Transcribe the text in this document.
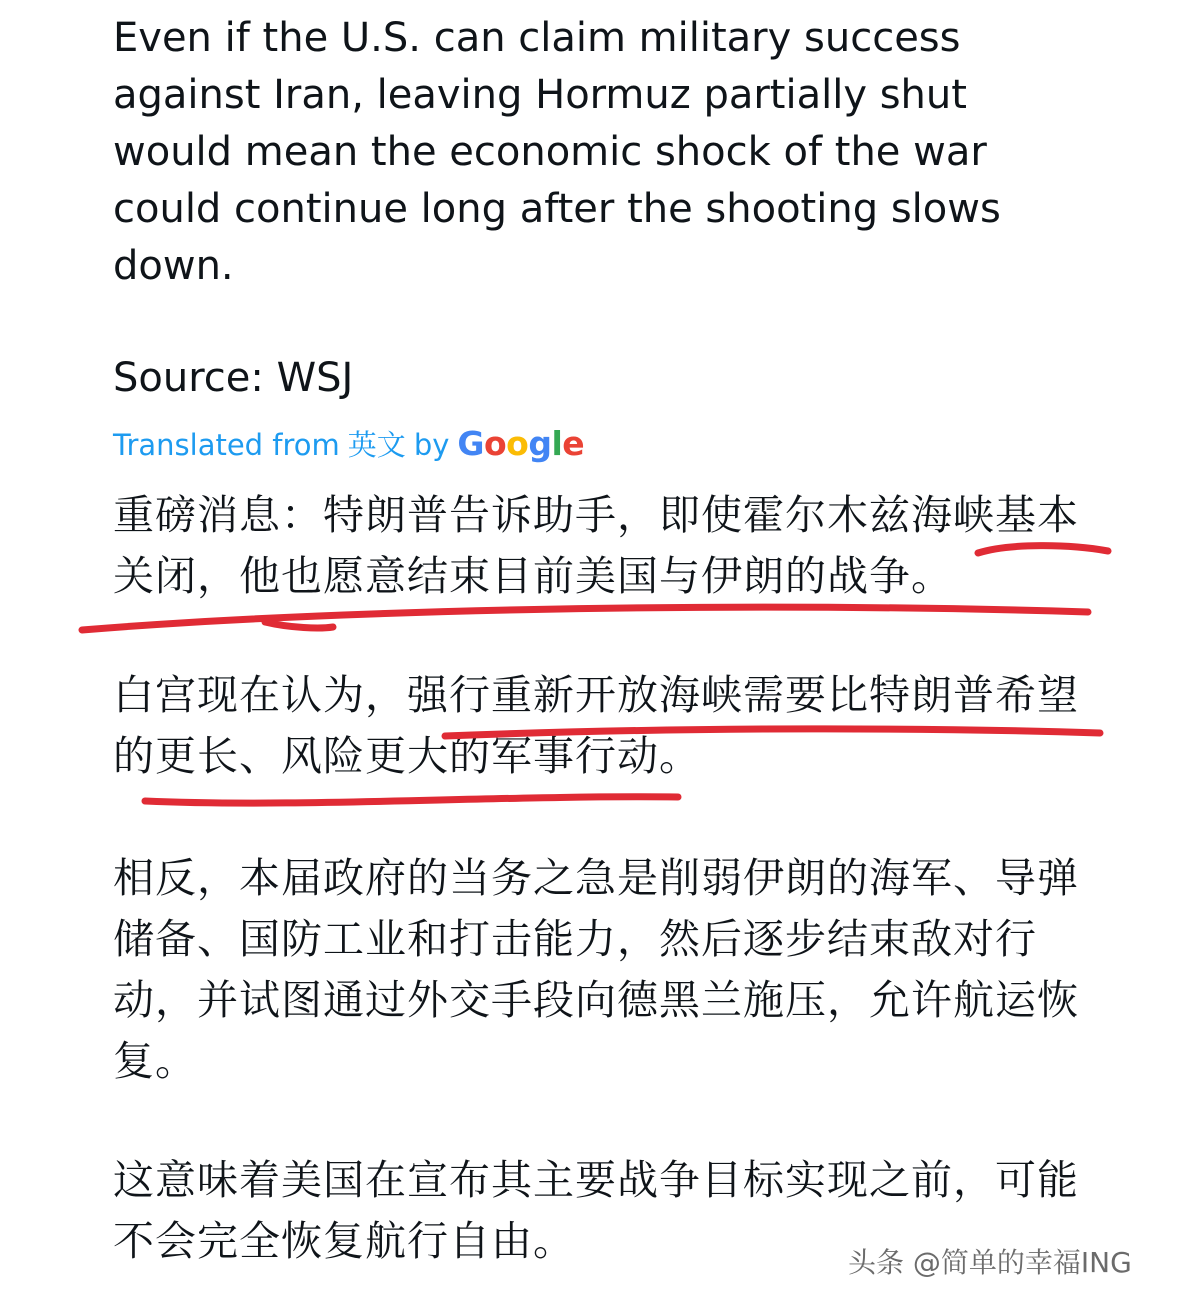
Even if the U.S. can claim military success against Iran, leaving Hormuz partially shut would mean the economic shock of the war could continue long after the shooting slows down.

Source: WSJ

Translated from 英文 by Google

重磅消息：特朗普告诉助手，即使霍尔木兹海峡基本关闭，他也愿意结束目前美国与伊朗的战争。

白宫现在认为，强行重新开放海峡需要比特朗普希望的更长、风险更大的军事行动。

相反，本届政府的当务之急是削弱伊朗的海军、导弹储备、国防工业和打击能力，然后逐步结束敌对行动，并试图通过外交手段向德黑兰施压，允许航运恢复。

这意味着美国在宣布其主要战争目标实现之前，可能不会完全恢复航行自由。	头条 @简单的幸福ING
